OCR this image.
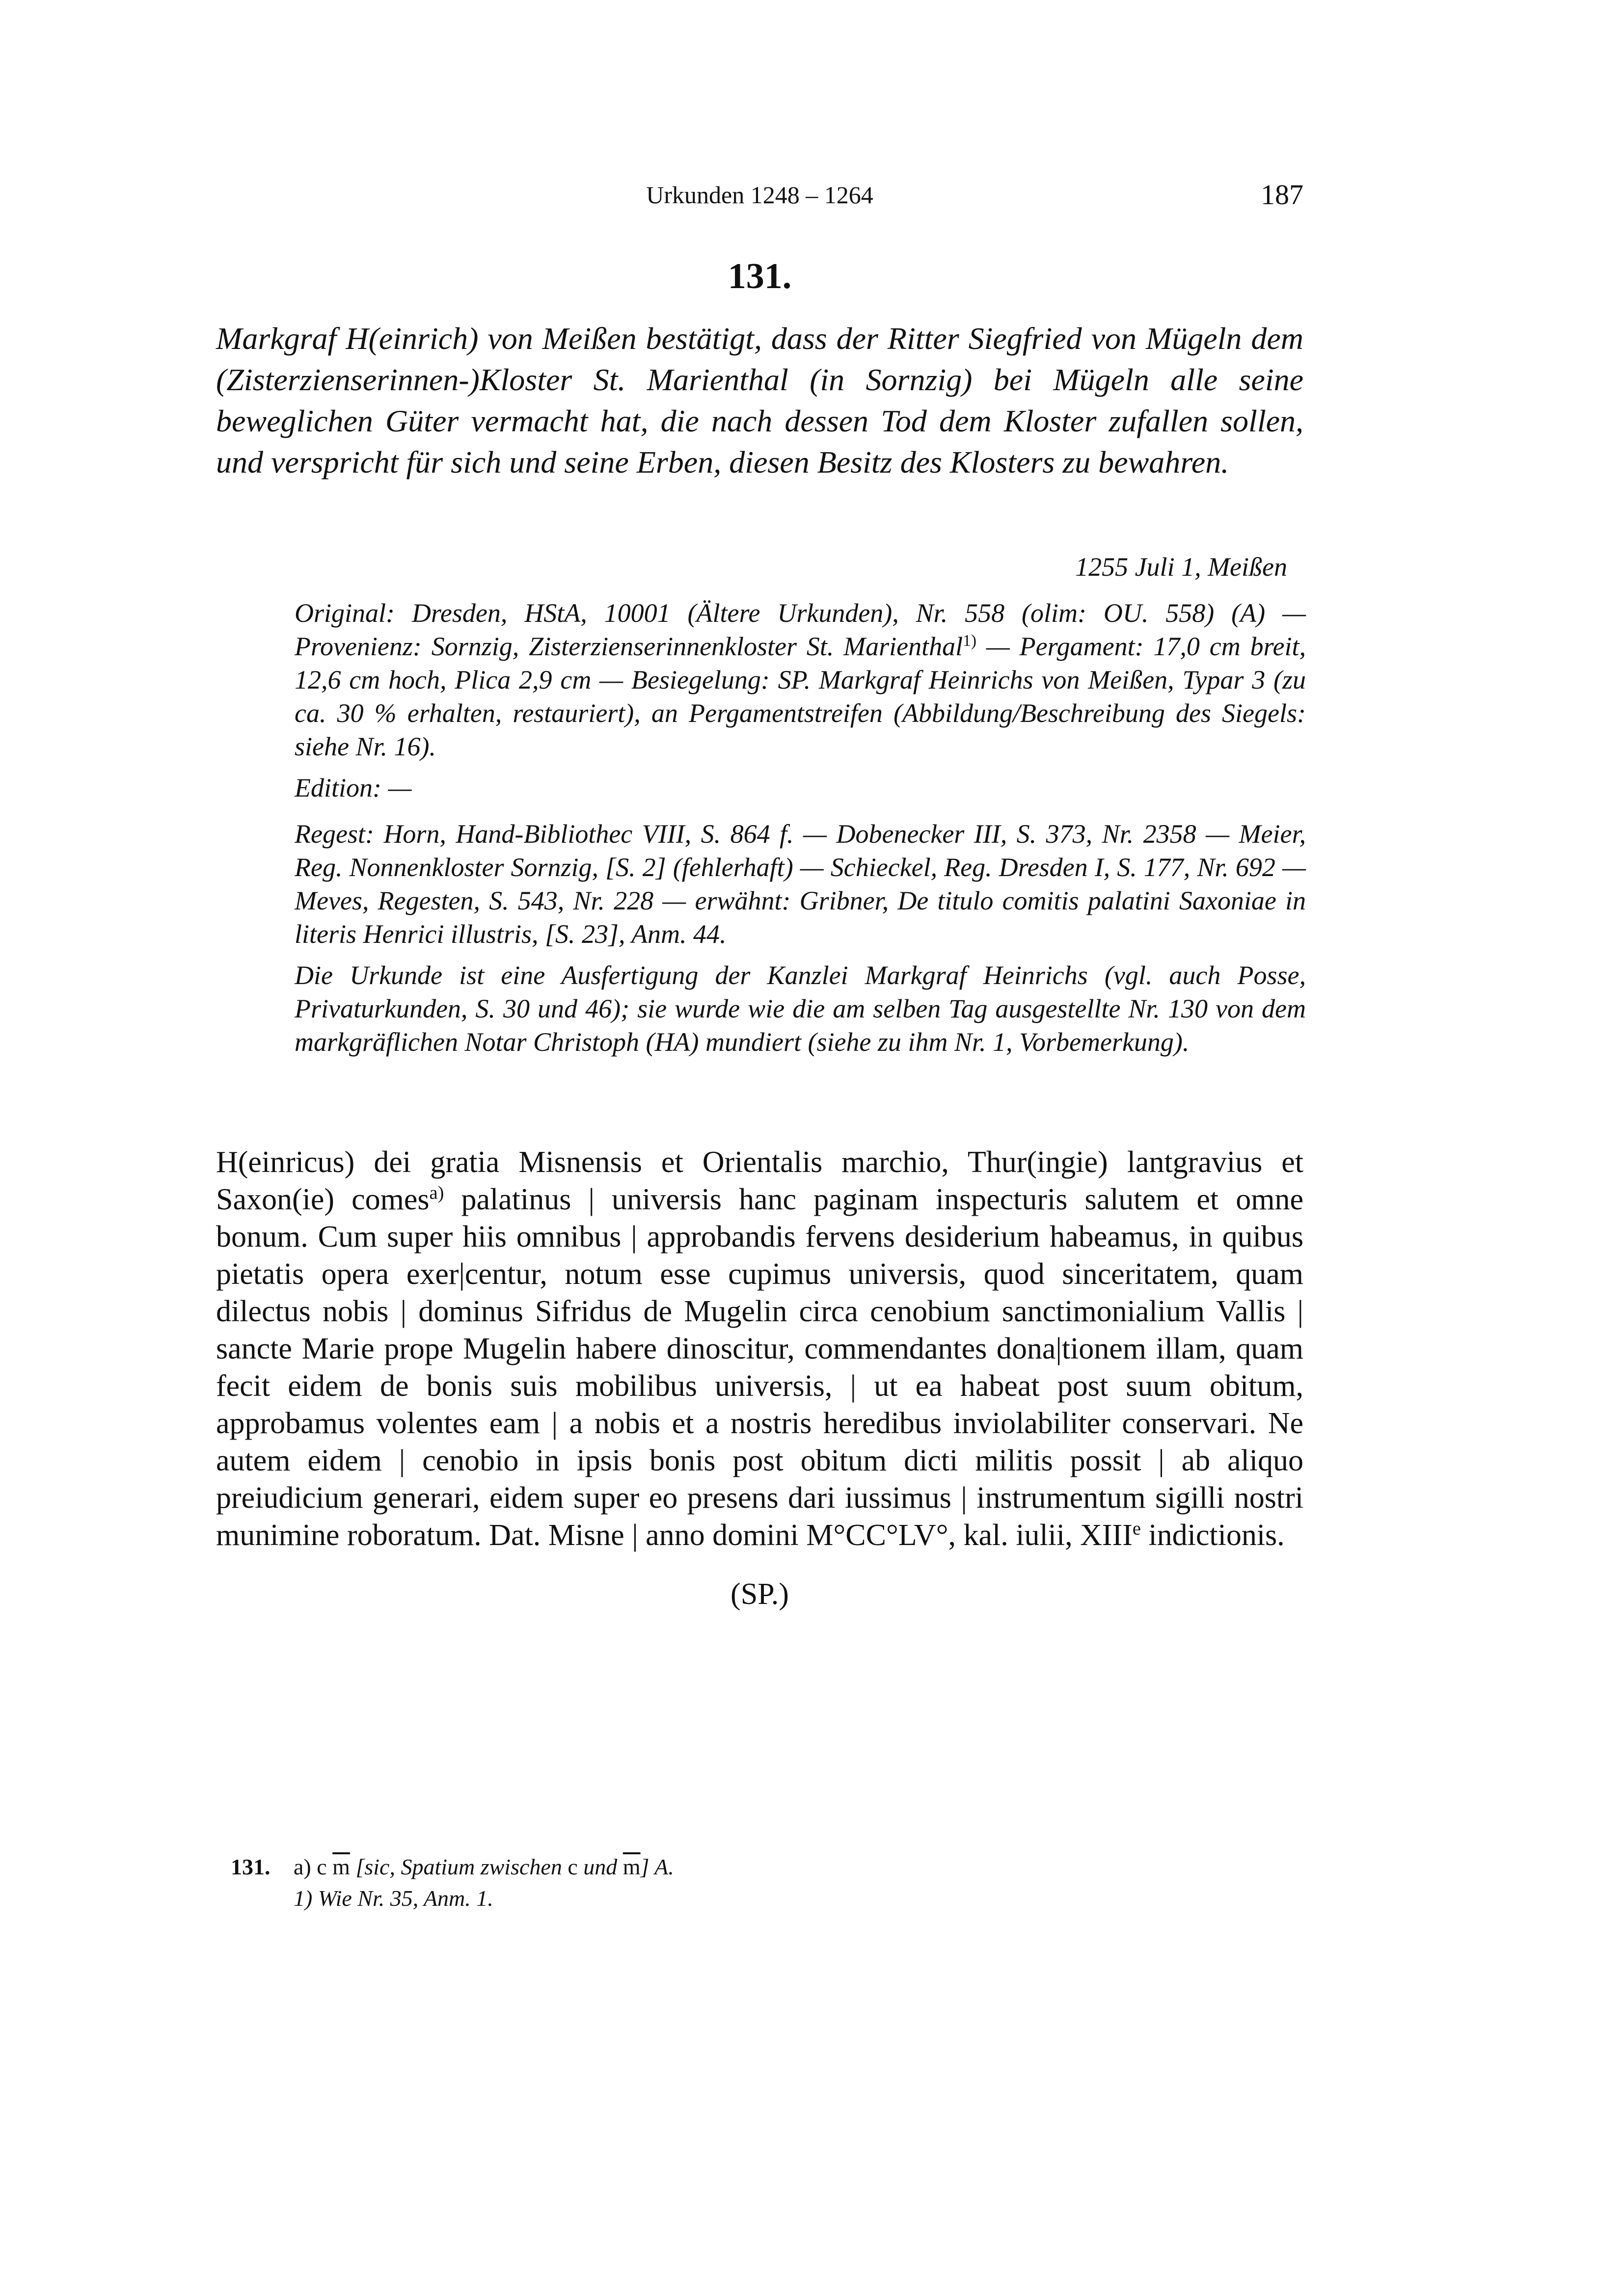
Urkunden 1248 – 1264	187
131.

Markgraf H(einrich) von Meißen bestätigt, dass der Ritter Siegfried von Mügeln dem (Zisterzienserinnen-)Kloster St. Marienthal (in Sornzig) bei Mügeln alle seine beweglichen Güter vermacht hat, die nach dessen Tod dem Kloster zufallen sollen, und verspricht für sich und seine Erben, diesen Besitz des Klosters zu bewahren.

1255 Juli 1, Meißen

Original: Dresden, HStA, 10001 (Ältere Urkunden), Nr. 558 (olim: OU. 558) (A) — Provenienz: Sornzig, Zisterzienserinnenkloster St. Marienthal$^{1)}$ — Pergament: 17,0 cm breit, 12,6 cm hoch, Plica 2,9 cm — Besiegelung: SP. Markgraf Heinrichs von Meißen, Typar 3 (zu ca. 30 % erhalten, restauriert), an Pergamentstreifen (Abbildung/Beschreibung des Siegels: siehe Nr. 16).

Edition: —

Regest: Horn, Hand-Bibliothec VIII, S. 864 f. — Dobenecker III, S. 373, Nr. 2358 — Meier, Reg. Nonnenkloster Sornzig, [S. 2] (fehlerhaft) — Schieckel, Reg. Dresden I, S. 177, Nr. 692 — Meves, Regesten, S. 543, Nr. 228 — erwähnt: Gribner, De titulo comitis palatini Saxoniae in literis Henrici illustris, [S. 23], Anm. 44.

Die Urkunde ist eine Ausfertigung der Kanzlei Markgraf Heinrichs (vgl. auch Posse, Privaturkunden, S. 30 und 46); sie wurde wie die am selben Tag ausgestellte Nr. 130 von dem markgräflichen Notar Christoph (HA) mundiert (siehe zu ihm Nr. 1, Vorbemerkung).

H(einricus) dei gratia Misnensis et Orientalis marchio, Thur(ingie) lantgravius et Saxon(ie) comes$^{a)}$ palatinus | universis hanc paginam inspecturis salutem et omne bonum. Cum super hiis omnibus | approbandis fervens desiderium habeamus, in quibus pietatis opera exer|centur, notum esse cupimus universis, quod sinceritatem, quam dilectus nobis | dominus Sifridus de Mugelin circa cenobium sanctimonialium Vallis | sancte Marie prope Mugelin habere dinoscitur, commendantes dona|tionem illam, quam fecit eidem de bonis suis mobilibus universis, | ut ea habeat post suum obitum, approbamus volentes eam | a nobis et a nostris heredibus inviolabiliter conservari. Ne autem eidem | cenobio in ipsis bonis post obitum dicti militis possit | ab aliquo preiudicium generari, eidem super eo presens dari iussimus | instrumentum sigilli nostri munimine roboratum. Dat. Misne | anno domini M°CC°LV°, kal. iulii, XIIIe indictionis.

(SP.)
131. a) c $\overline{m}$ [sic, Spatium zwischen c und $\overline{m}$] A.
1) Wie Nr. 35, Anm. 1.
